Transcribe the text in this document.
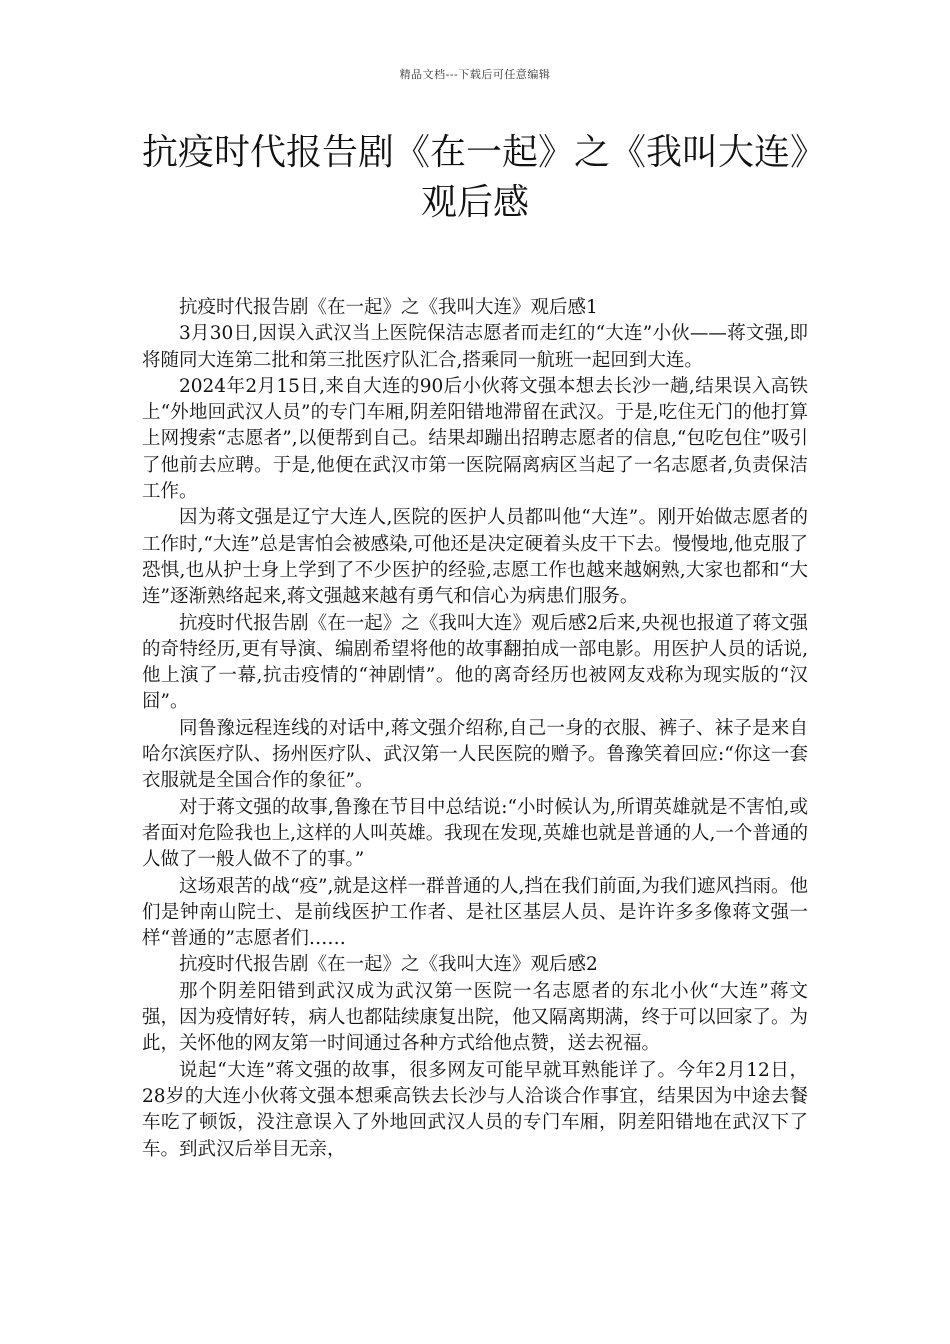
精品文档---下载后可任意编辑
抗疫时代报告剧《在一起》之《我叫大连》观后感

抗疫时代报告剧《在一起》之《我叫大连》观后感1

3月30日,因误入武汉当上医院保洁志愿者而走红的“大连”小伙——蒋文强,即将随同大连第二批和第三批医疗队汇合,搭乘同一航班一起回到大连。

2024年2月15日,来自大连的90后小伙蒋文强本想去长沙一趟,结果误入高铁上“外地回武汉人员”的专门车厢,阴差阳错地滞留在武汉。于是,吃住无门的他打算上网搜索“志愿者”,以便帮到自己。结果却蹦出招聘志愿者的信息,“包吃包住”吸引了他前去应聘。于是,他便在武汉市第一医院隔离病区当起了一名志愿者,负责保洁工作。

因为蒋文强是辽宁大连人,医院的医护人员都叫他“大连”。刚开始做志愿者的工作时,“大连”总是害怕会被感染,可他还是决定硬着头皮干下去。慢慢地,他克服了恐惧,也从护士身上学到了不少医护的经验,志愿工作也越来越娴熟,大家也都和“大连”逐渐熟络起来,蒋文强越来越有勇气和信心为病患们服务。

抗疫时代报告剧《在一起》之《我叫大连》观后感2后来,央视也报道了蒋文强的奇特经历,更有导演、编剧希望将他的故事翻拍成一部电影。用医护人员的话说,他上演了一幕,抗击疫情的“神剧情”。他的离奇经历也被网友戏称为现实版的“汉囧”。

同鲁豫远程连线的对话中,蒋文强介绍称,自己一身的衣服、裤子、袜子是来自哈尔滨医疗队、扬州医疗队、武汉第一人民医院的赠予。鲁豫笑着回应:“你这一套衣服就是全国合作的象征”。

对于蒋文强的故事,鲁豫在节目中总结说:“小时候认为,所谓英雄就是不害怕,或者面对危险我也上,这样的人叫英雄。我现在发现,英雄也就是普通的人,一个普通的人做了一般人做不了的事。”

这场艰苦的战“疫”,就是这样一群普通的人,挡在我们前面,为我们遮风挡雨。他们是钟南山院士、是前线医护工作者、是社区基层人员、是许许多多像蒋文强一样“普通的”志愿者们……

抗疫时代报告剧《在一起》之《我叫大连》观后感2

那个阴差阳错到武汉成为武汉第一医院一名志愿者的东北小伙“大连”蒋文强，因为疫情好转，病人也都陆续康复出院，他又隔离期满，终于可以回家了。为此，关怀他的网友第一时间通过各种方式给他点赞，送去祝福。

说起“大连”蒋文强的故事，很多网友可能早就耳熟能详了。今年2月12日，28岁的大连小伙蒋文强本想乘高铁去长沙与人洽谈合作事宜，结果因为中途去餐车吃了顿饭，没注意误入了外地回武汉人员的专门车厢，阴差阳错地在武汉下了车。到武汉后举目无亲，
